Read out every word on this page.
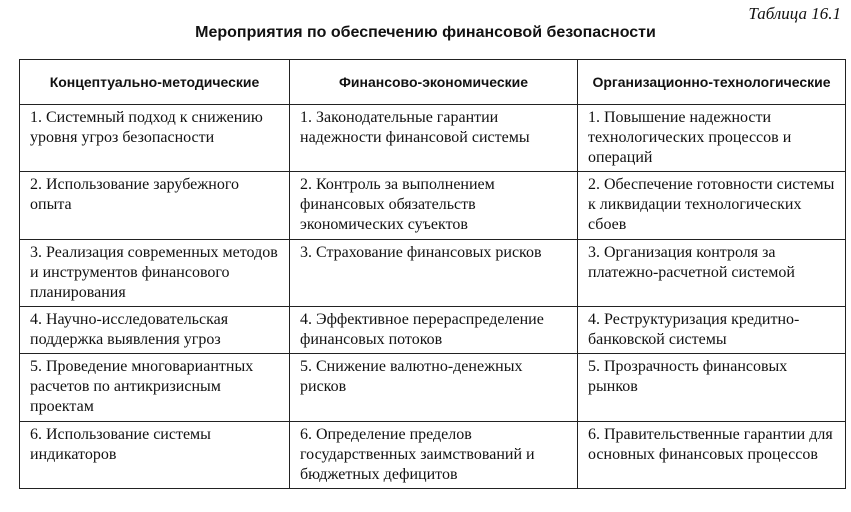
Таблица 16.1
Мероприятия по обеспечению финансовой безопасности
Концептуально-методические	Финансово-экономические	Организационно-технологические
1. Системный подход к снижению уровня угроз безопасности	1. Законодательные гарантии надежности финансовой системы	1. Повышение надежности технологических процессов и операций
2. Использование зарубежного опыта	2. Контроль за выполнением финансовых обязательств экономических суъектов	2. Обеспечение готовности системы к ликвидации технологических сбоев
3. Реализация современных методов и инструментов финансового планирования	3. Страхование финансовых рисков	3. Организация контроля за платежно-расчетной системой
4. Научно-исследовательская поддержка выявления угроз	4. Эффективное перераспределение финансовых потоков	4. Реструктуризация кредитно-банковской системы
5. Проведение многовариантных расчетов по антикризисным проектам	5. Снижение валютно-денежных рисков	5. Прозрачность финансовых рынков
6. Использование системы индикаторов	6. Определение пределов государственных заимствований и бюджетных дефицитов	6. Правительственные гарантии для основных финансовых процессов
